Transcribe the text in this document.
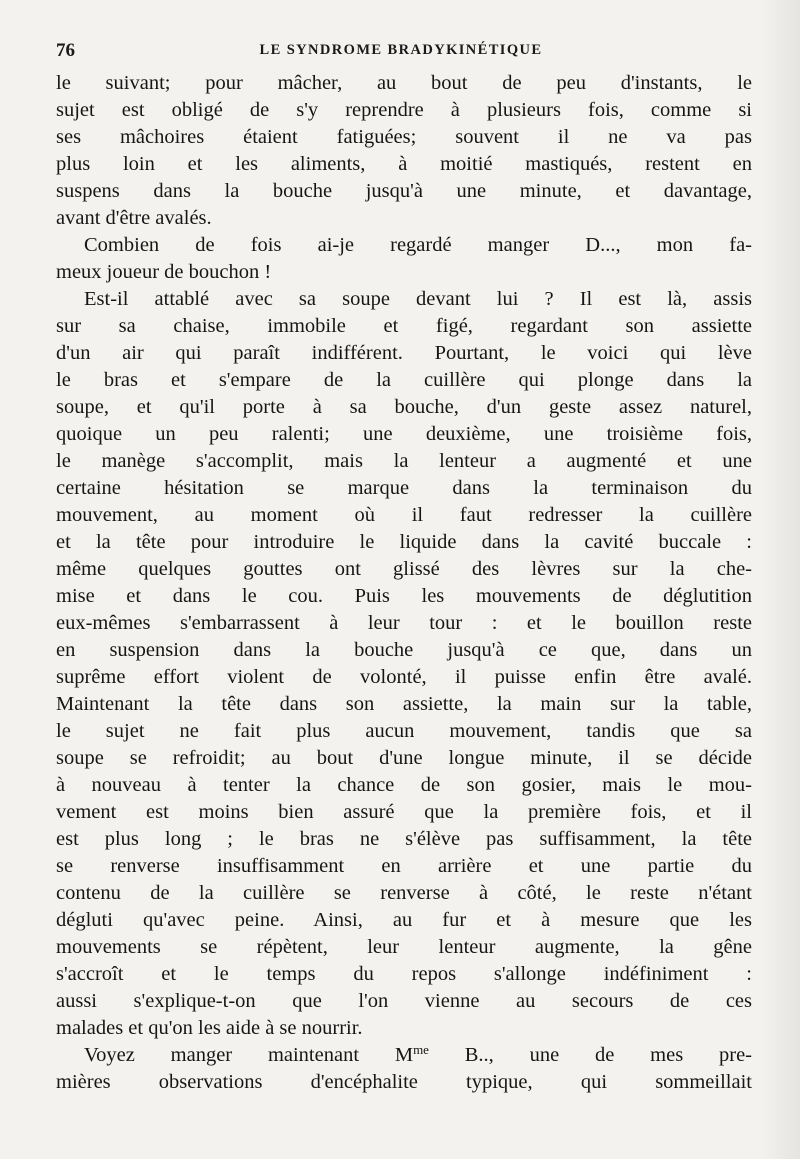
76	LE SYNDROME BRADYKINÉTIQUE
le suivant; pour mâcher, au bout de peu d'instants, le
sujet est obligé de s'y reprendre à plusieurs fois, comme si
ses mâchoires étaient fatiguées; souvent il ne va pas
plus loin et les aliments, à moitié mastiqués, restent en
suspens dans la bouche jusqu'à une minute, et davantage,
avant d'être avalés.
Combien de fois ai-je regardé manger D..., mon fa-
meux joueur de bouchon !
Est-il attablé avec sa soupe devant lui ? Il est là, assis
sur sa chaise, immobile et figé, regardant son assiette
d'un air qui paraît indifférent. Pourtant, le voici qui lève
le bras et s'empare de la cuillère qui plonge dans la
soupe, et qu'il porte à sa bouche, d'un geste assez naturel,
quoique un peu ralenti; une deuxième, une troisième fois,
le manège s'accomplit, mais la lenteur a augmenté et une
certaine hésitation se marque dans la terminaison du
mouvement, au moment où il faut redresser la cuillère
et la tête pour introduire le liquide dans la cavité buccale :
même quelques gouttes ont glissé des lèvres sur la che-
mise et dans le cou. Puis les mouvements de déglutition
eux-mêmes s'embarrassent à leur tour : et le bouillon reste
en suspension dans la bouche jusqu'à ce que, dans un
suprême effort violent de volonté, il puisse enfin être avalé.
Maintenant la tête dans son assiette, la main sur la table,
le sujet ne fait plus aucun mouvement, tandis que sa
soupe se refroidit; au bout d'une longue minute, il se décide
à nouveau à tenter la chance de son gosier, mais le mou-
vement est moins bien assuré que la première fois, et il
est plus long ; le bras ne s'élève pas suffisamment, la tête
se renverse insuffisamment en arrière et une partie du
contenu de la cuillère se renverse à côté, le reste n'étant
dégluti qu'avec peine. Ainsi, au fur et à mesure que les
mouvements se répètent, leur lenteur augmente, la gêne
s'accroît et le temps du repos s'allonge indéfiniment :
aussi s'explique-t-on que l'on vienne au secours de ces
malades et qu'on les aide à se nourrir.
Voyez manger maintenant $M^{me}$ B.., une de mes pre-
mières observations d'encéphalite typique, qui sommeillait
